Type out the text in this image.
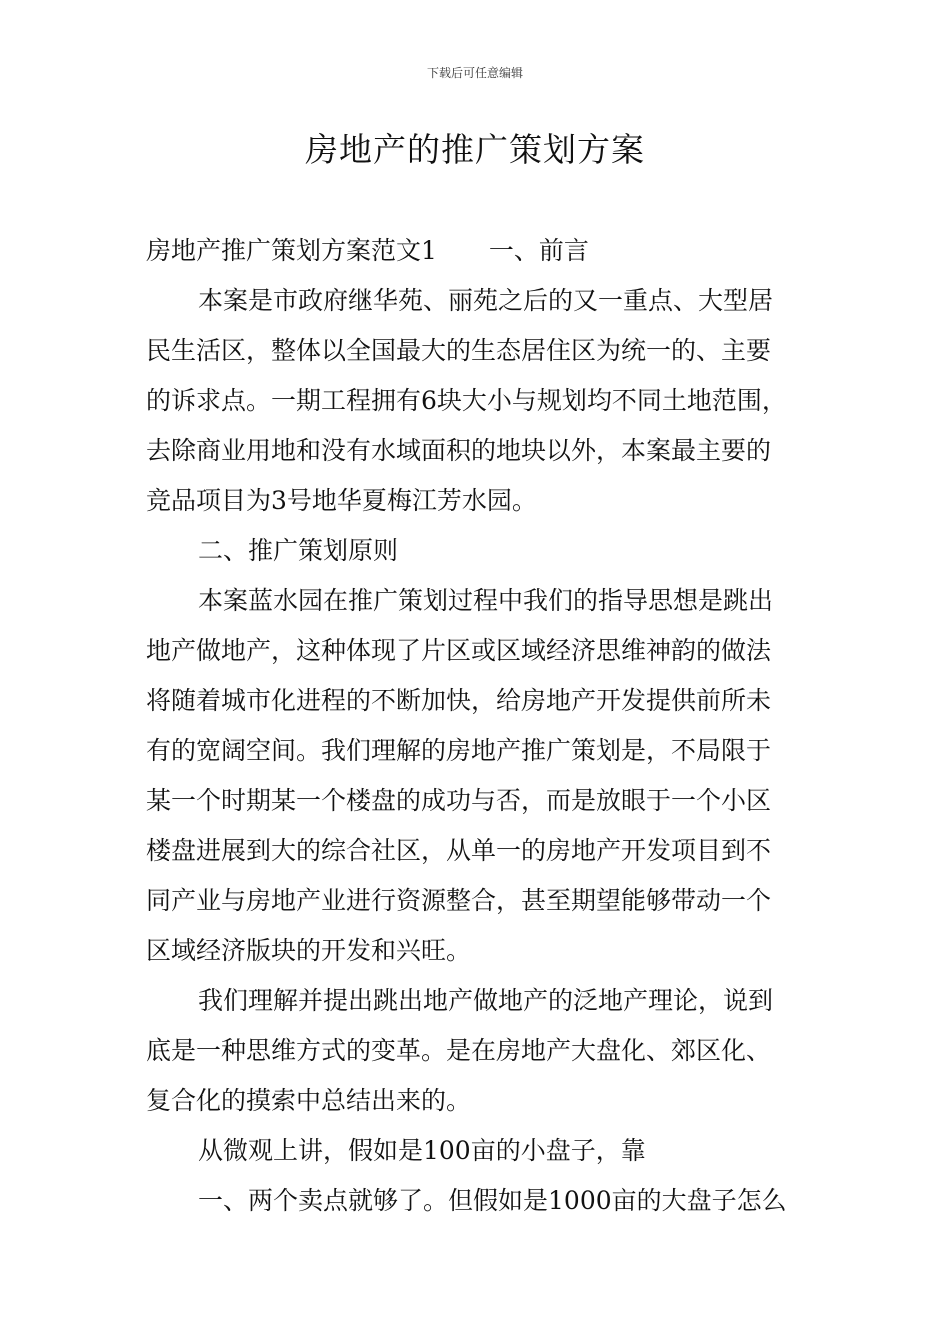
下载后可任意编辑
房地产的推广策划方案
房地产推广策划方案范文1 一、前言
本案是市政府继华苑、丽苑之后的又一重点、大型居
民生活区，整体以全国最大的生态居住区为统一的、主要
的诉求点。一期工程拥有6块大小与规划均不同土地范围，
去除商业用地和没有水域面积的地块以外，本案最主要的
竞品项目为3号地华夏梅江芳水园。
二、推广策划原则
本案蓝水园在推广策划过程中我们的指导思想是跳出
地产做地产，这种体现了片区或区域经济思维神韵的做法
将随着城市化进程的不断加快，给房地产开发提供前所未
有的宽阔空间。我们理解的房地产推广策划是，不局限于
某一个时期某一个楼盘的成功与否，而是放眼于一个小区
楼盘进展到大的综合社区，从单一的房地产开发项目到不
同产业与房地产业进行资源整合，甚至期望能够带动一个
区域经济版块的开发和兴旺。
我们理解并提出跳出地产做地产的泛地产理论，说到
底是一种思维方式的变革。是在房地产大盘化、郊区化、
复合化的摸索中总结出来的。
从微观上讲，假如是100亩的小盘子，靠
一、两个卖点就够了。但假如是1000亩的大盘子怎么
